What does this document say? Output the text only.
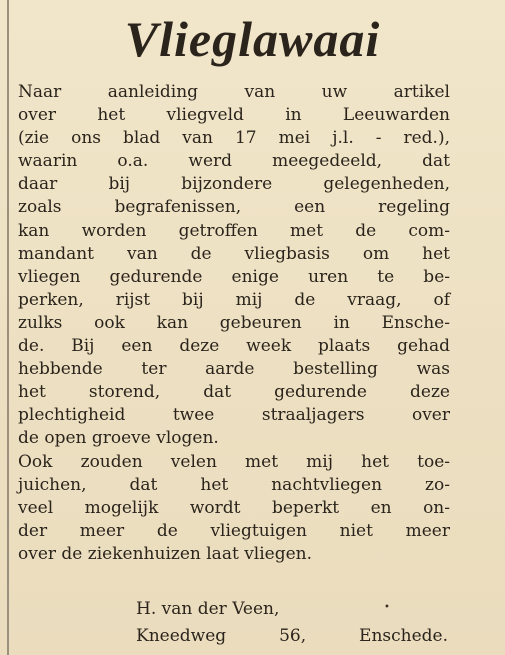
Vlieglawaai

Naar aanleiding van uw artikel
over het vliegveld in Leeuwarden
(zie ons blad van 17 mei j.l. - red.),
waarin o.a. werd meegedeeld, dat
daar bij bijzondere gelegenheden,
zoals begrafenissen, een regeling
kan worden getroffen met de com-
mandant van de vliegbasis om het
vliegen gedurende enige uren te be-
perken, rijst bij mij de vraag, of
zulks ook kan gebeuren in Ensche-
de. Bij een deze week plaats gehad
hebbende ter aarde bestelling was
het storend, dat gedurende deze
plechtigheid twee straaljagers over
de open groeve vlogen.
Ook zouden velen met mij het toe-
juichen, dat het nachtvliegen zo-
veel mogelijk wordt beperkt en on-
der meer de vliegtuigen niet meer
over de ziekenhuizen laat vliegen.

H. van der Veen,
Kneedweg 56, Enschede.
•
